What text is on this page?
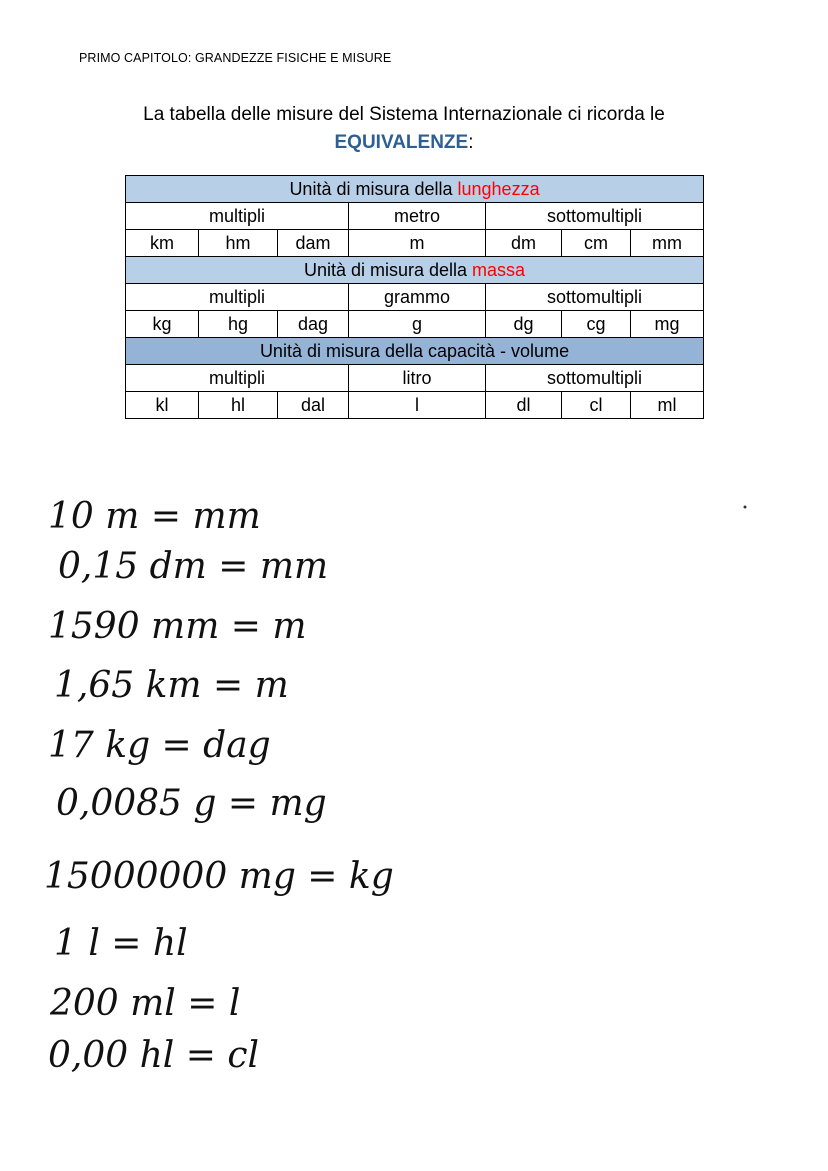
PRIMO CAPITOLO: GRANDEZZE FISICHE E MISURE
La tabella delle misure del Sistema Internazionale ci ricorda le
EQUIVALENZE:
Unità di misura della lunghezza						
multipli			metro	sottomultipli		
km	hm	dam	m	dm	cm	mm
Unità di misura della massa						
multipli			grammo	sottomultipli		
kg	hg	dag	g	dg	cg	mg
Unità di misura della capacità - volume						
multipli			litro	sottomultipli		
kl	hl	dal	l	dl	cl	ml
10 m = mm
0,15 dm = mm
1590 mm = m
1,65 km = m
17 kg = dag
0,0085 g = mg
15000000 mg = kg
1 l = hl
200 ml = l
0,00 hl = cl
